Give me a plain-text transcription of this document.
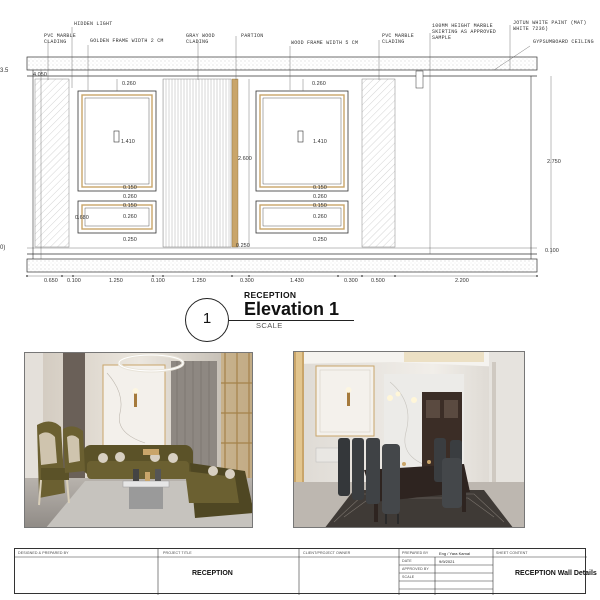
HIDDEN LIGHT
PVC MARBLE
CLADING	GOLDEN FRAME WIDTH 2 CM
GRAY WOOD
CLADING
PARTION
WOOD FRAME WIDTH 5 CM
PVC MARBLE
CLADING
100MM HEIGHT MARBLE
SKIRTING AS APPROVED
SAMPLE
JOTUN WHITE PAINT (MAT)
WHITE 7236)
GYPSUMBOARD CEILING
3.5
4.050
0)
0.260
1.410
0.150
0.260
0.150
0.260
0.250
0.680
0.260
1.410
0.150
0.260
0.150
0.260
0.250
2.600
0.250
2.750
0.100
0.650 0.100	1.250	0.100	1.250	0.300	1.430	0.300 0.500	2.200
1
RECEPTION
Elevation 1
SCALE
DESIGNED & PREPARED BY	PROJECT TITLE	CLIENT/PROJECT OWNER	PREPARED BY	Eng / Yara Kamal
DATE	9/9/2021
APPROVED BY
SCALE
SHEET CONTENT
RECEPTION	RECEPTION Wall Details
